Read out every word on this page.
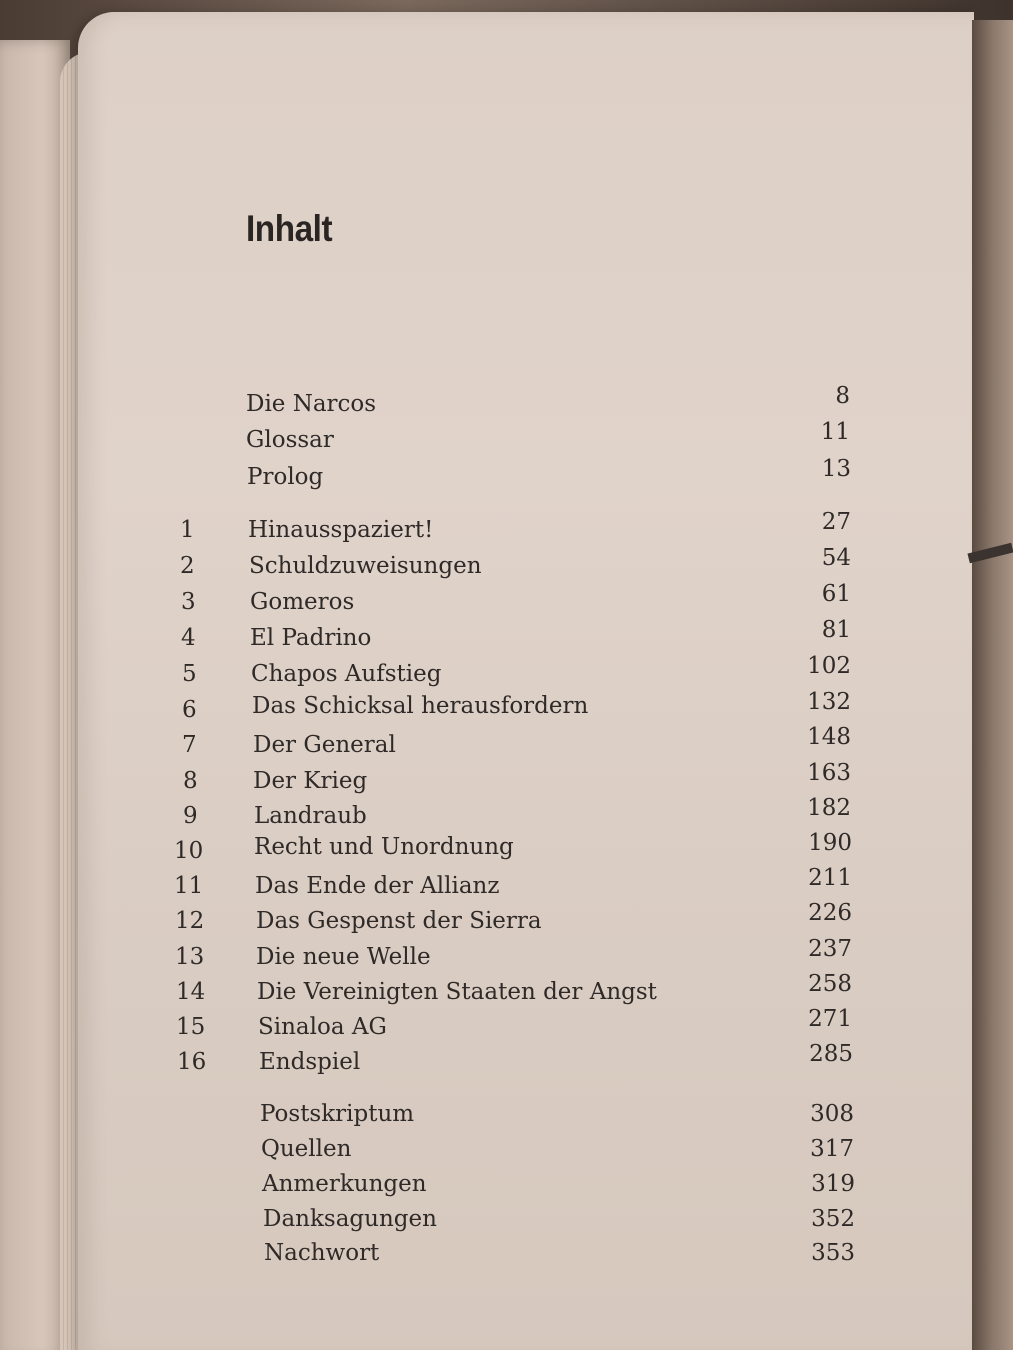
Inhalt
Die Narcos	8
Glossar	11
Prolog	13
1 Hinausspaziert!	27
2 Schuldzuweisungen	54
3 Gomeros	61
4 El Padrino	81
5 Chapos Aufstieg	102
6 Das Schicksal herausfordern	132
7 Der General	148
8 Der Krieg	163
9 Landraub	182
10 Recht und Unordnung	190
11 Das Ende der Allianz	211
12 Das Gespenst der Sierra	226
13 Die neue Welle	237
14 Die Vereinigten Staaten der Angst	258
15 Sinaloa AG	271
16 Endspiel	285
Postskriptum	308
Quellen	317
Anmerkungen	319
Danksagungen	352
Nachwort	353
